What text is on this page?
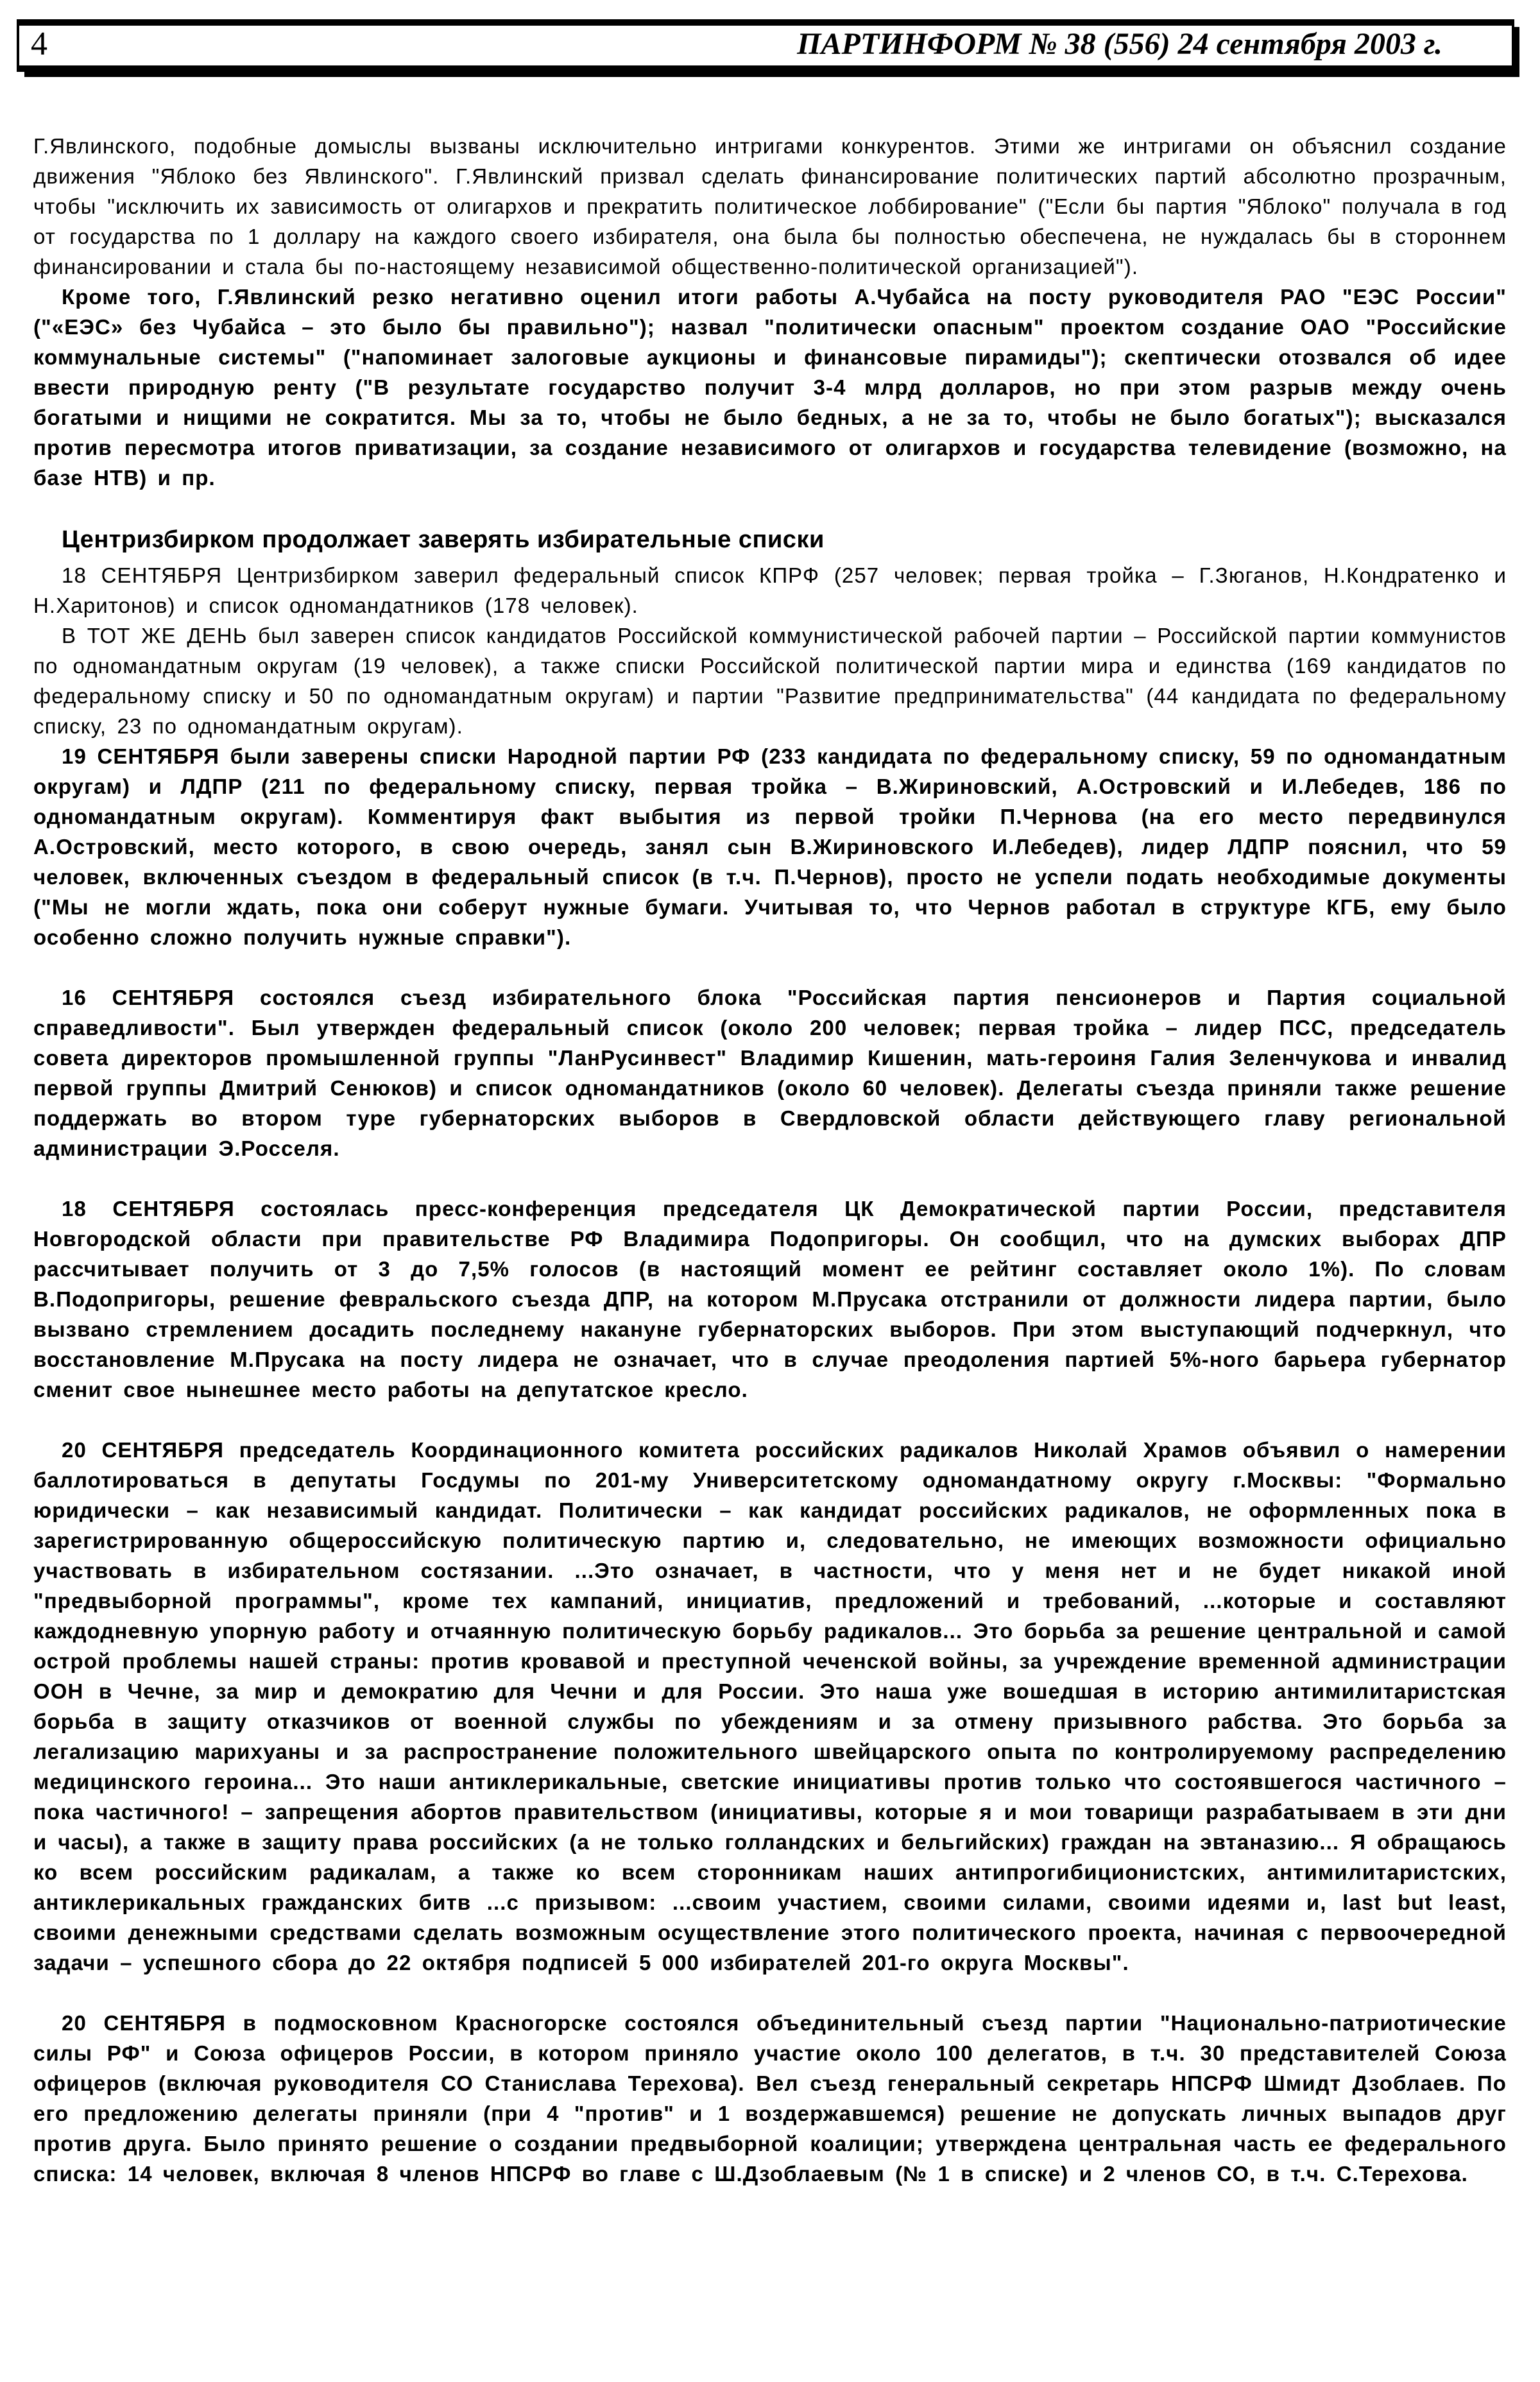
4	ПАРТИНФОРМ № 38 (556) 24 сентября 2003 г.
Г.Явлинского, подобные домыслы вызваны исключительно интригами конкурентов. Этими же интригами он объяснил создание движения "Яблоко без Явлинского". Г.Явлинский призвал сделать финансирование политических партий абсолютно прозрачным, чтобы "исключить их зависимость от олигархов и прекратить политическое лоббирование" ("Если бы партия "Яблоко" получала в год от государства по 1 доллару на каждого своего избирателя, она была бы полностью обеспечена, не нуждалась бы в стороннем финансировании и стала бы по-настоящему независимой общественно-политической организацией").
Кроме того, Г.Явлинский резко негативно оценил итоги работы А.Чубайса на посту руководителя РАО "ЕЭС России" ("«ЕЭС» без Чубайса – это было бы правильно"); назвал "политически опасным" проектом создание ОАО "Российские коммунальные системы" ("напоминает залоговые аукционы и финансовые пирамиды"); скептически отозвался об идее ввести природную ренту ("В результате государство получит 3-4 млрд долларов, но при этом разрыв между очень богатыми и нищими не сократится. Мы за то, чтобы не было бедных, а не за то, чтобы не было богатых"); высказался против пересмотра итогов приватизации, за создание независимого от олигархов и государства телевидение (возможно, на базе НТВ) и пр.
Центризбирком продолжает заверять избирательные списки
18 СЕНТЯБРЯ Центризбирком заверил федеральный список КПРФ (257 человек; первая тройка – Г.Зюганов, Н.Кондратенко и Н.Харитонов) и список одномандатников (178 человек).
В ТОТ ЖЕ ДЕНЬ был заверен список кандидатов Российской коммунистической рабочей партии – Российской партии коммунистов по одномандатным округам (19 человек), а также списки Российской политической партии мира и единства (169 кандидатов по федеральному списку и 50 по одномандатным округам) и партии "Развитие предпринимательства" (44 кандидата по федеральному списку, 23 по одномандатным округам).
19 СЕНТЯБРЯ были заверены списки Народной партии РФ (233 кандидата по федеральному списку, 59 по одномандатным округам) и ЛДПР (211 по федеральному списку, первая тройка – В.Жириновский, А.Островский и И.Лебедев, 186 по одномандатным округам). Комментируя факт выбытия из первой тройки П.Чернова (на его место передвинулся А.Островский, место которого, в свою очередь, занял сын В.Жириновского И.Лебедев), лидер ЛДПР пояснил, что 59 человек, включенных съездом в федеральный список (в т.ч. П.Чернов), просто не успели подать необходимые документы ("Мы не могли ждать, пока они соберут нужные бумаги. Учитывая то, что Чернов работал в структуре КГБ, ему было особенно сложно получить нужные справки").
16 СЕНТЯБРЯ состоялся съезд избирательного блока "Российская партия пенсионеров и Партия социальной справедливости". Был утвержден федеральный список (около 200 человек; первая тройка – лидер ПСС, председатель совета директоров промышленной группы "ЛанРусинвест" Владимир Кишенин, мать-героиня Галия Зеленчукова и инвалид первой группы Дмитрий Сенюков) и список одномандатников (около 60 человек). Делегаты съезда приняли также решение поддержать во втором туре губернаторских выборов в Свердловской области действующего главу региональной администрации Э.Росселя.
18 СЕНТЯБРЯ состоялась пресс-конференция председателя ЦК Демократической партии России, представителя Новгородской области при правительстве РФ Владимира Подопригоры. Он сообщил, что на думских выборах ДПР рассчитывает получить от 3 до 7,5% голосов (в настоящий момент ее рейтинг составляет около 1%). По словам В.Подопригоры, решение февральского съезда ДПР, на котором М.Прусака отстранили от должности лидера партии, было вызвано стремлением досадить последнему накануне губернаторских выборов. При этом выступающий подчеркнул, что восстановление М.Прусака на посту лидера не означает, что в случае преодоления партией 5%-ного барьера губернатор сменит свое нынешнее место работы на депутатское кресло.
20 СЕНТЯБРЯ председатель Координационного комитета российских радикалов Николай Храмов объявил о намерении баллотироваться в депутаты Госдумы по 201-му Университетскому одномандатному округу г.Москвы: "Формально юридически – как независимый кандидат. Политически – как кандидат российских радикалов, не оформленных пока в зарегистрированную общероссийскую политическую партию и, следовательно, не имеющих возможности официально участвовать в избирательном состязании. ...Это означает, в частности, что у меня нет и не будет никакой иной "предвыборной программы", кроме тех кампаний, инициатив, предложений и требований, ...которые и составляют каждодневную упорную работу и отчаянную политическую борьбу радикалов... Это борьба за решение центральной и самой острой проблемы нашей страны: против кровавой и преступной чеченской войны, за учреждение временной администрации ООН в Чечне, за мир и демократию для Чечни и для России. Это наша уже вошедшая в историю антимилитаристская борьба в защиту отказчиков от военной службы по убеждениям и за отмену призывного рабства. Это борьба за легализацию марихуаны и за распространение положительного швейцарского опыта по контролируемому распределению медицинского героина... Это наши антиклерикальные, светские инициативы против только что состоявшегося частичного – пока частичного! – запрещения абортов правительством (инициативы, которые я и мои товарищи разрабатываем в эти дни и часы), а также в защиту права российских (а не только голландских и бельгийских) граждан на эвтаназию... Я обращаюсь ко всем российским радикалам, а также ко всем сторонникам наших антипрогибиционистских, антимилитаристских, антиклерикальных гражданских битв ...с призывом: ...своим участием, своими силами, своими идеями и, last but least, своими денежными средствами сделать возможным осуществление этого политического проекта, начиная с первоочередной задачи – успешного сбора до 22 октября подписей 5 000 избирателей 201-го округа Москвы".
20 СЕНТЯБРЯ в подмосковном Красногорске состоялся объединительный съезд партии "Национально-патриотические силы РФ" и Союза офицеров России, в котором приняло участие около 100 делегатов, в т.ч. 30 представителей Союза офицеров (включая руководителя СО Станислава Терехова). Вел съезд генеральный секретарь НПСРФ Шмидт Дзоблаев. По его предложению делегаты приняли (при 4 "против" и 1 воздержавшемся) решение не допускать личных выпадов друг против друга. Было принято решение о создании предвыборной коалиции; утверждена центральная часть ее федерального списка: 14 человек, включая 8 членов НПСРФ во главе с Ш.Дзоблаевым (№ 1 в списке) и 2 членов СО, в т.ч. С.Терехова.
